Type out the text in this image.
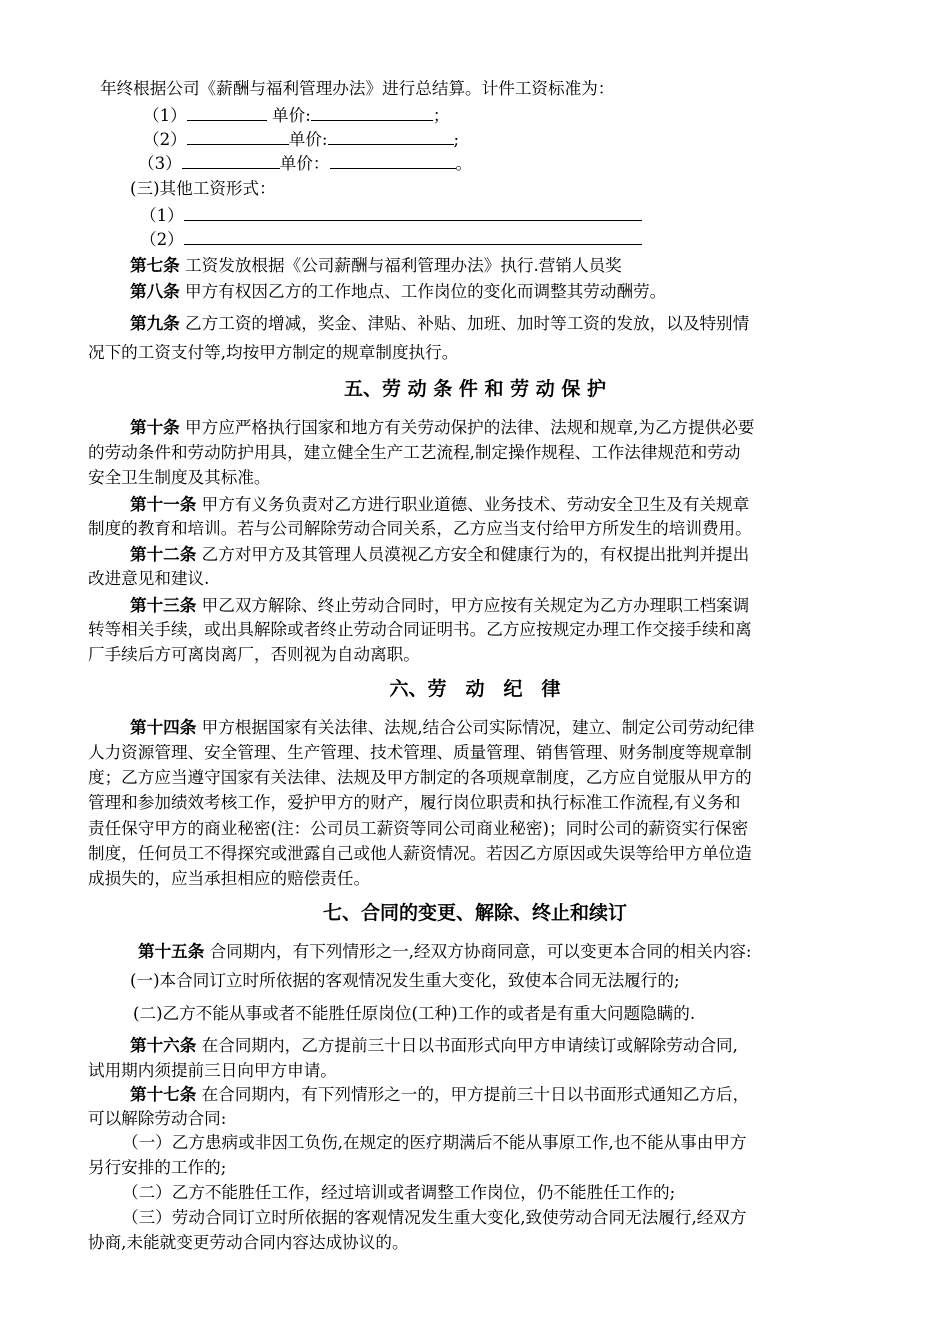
年终根据公司《薪酬与福利管理办法》进行总结算。计件工资标准为：
（1）	单价:	；
（2）	单价:	;
（3）	单价：	。
(三)其他工资形式：
（1）
（2）
第七条 工资发放根据《公司薪酬与福利管理办法》执行.营销人员奖
第八条 甲方有权因乙方的工作地点、工作岗位的变化而调整其劳动酬劳。
第九条 乙方工资的增减，奖金、津贴、补贴、加班、加时等工资的发放，以及特别情
况下的工资支付等,均按甲方制定的规章制度执行。
五、劳 动 条 件 和 劳 动 保 护
第十条 甲方应严格执行国家和地方有关劳动保护的法律、法规和规章,为乙方提供必要
的劳动条件和劳动防护用具，建立健全生产工艺流程,制定操作规程、工作法律规范和劳动
安全卫生制度及其标准。
第十一条 甲方有义务负责对乙方进行职业道德、业务技术、劳动安全卫生及有关规章
制度的教育和培训。若与公司解除劳动合同关系，乙方应当支付给甲方所发生的培训费用。
第十二条 乙方对甲方及其管理人员漠视乙方安全和健康行为的，有权提出批判并提出
改进意见和建议.
第十三条 甲乙双方解除、终止劳动合同时，甲方应按有关规定为乙方办理职工档案调
转等相关手续，或出具解除或者终止劳动合同证明书。乙方应按规定办理工作交接手续和离
厂手续后方可离岗离厂，否则视为自动离职。
六、劳　动　纪　律
第十四条 甲方根据国家有关法律、法规,结合公司实际情况，建立、制定公司劳动纪律
人力资源管理、安全管理、生产管理、技术管理、质量管理、销售管理、财务制度等规章制
度；乙方应当遵守国家有关法律、法规及甲方制定的各项规章制度，乙方应自觉服从甲方的
管理和参加绩效考核工作，爱护甲方的财产，履行岗位职责和执行标准工作流程,有义务和
责任保守甲方的商业秘密(注：公司员工薪资等同公司商业秘密)；同时公司的薪资实行保密
制度，任何员工不得探究或泄露自己或他人薪资情况。若因乙方原因或失误等给甲方单位造
成损失的，应当承担相应的赔偿责任。
七、合同的变更、解除、终止和续订
第十五条 合同期内，有下列情形之一,经双方协商同意，可以变更本合同的相关内容:
(一)本合同订立时所依据的客观情况发生重大变化，致使本合同无法履行的;
(二)乙方不能从事或者不能胜任原岗位(工种)工作的或者是有重大问题隐瞒的.
第十六条 在合同期内，乙方提前三十日以书面形式向甲方申请续订或解除劳动合同,
试用期内须提前三日向甲方申请。
第十七条 在合同期内，有下列情形之一的，甲方提前三十日以书面形式通知乙方后，
可以解除劳动合同:
（一）乙方患病或非因工负伤,在规定的医疗期满后不能从事原工作,也不能从事由甲方
另行安排的工作的;
（二）乙方不能胜任工作，经过培训或者调整工作岗位，仍不能胜任工作的;
（三）劳动合同订立时所依据的客观情况发生重大变化,致使劳动合同无法履行,经双方
协商,未能就变更劳动合同内容达成协议的。
